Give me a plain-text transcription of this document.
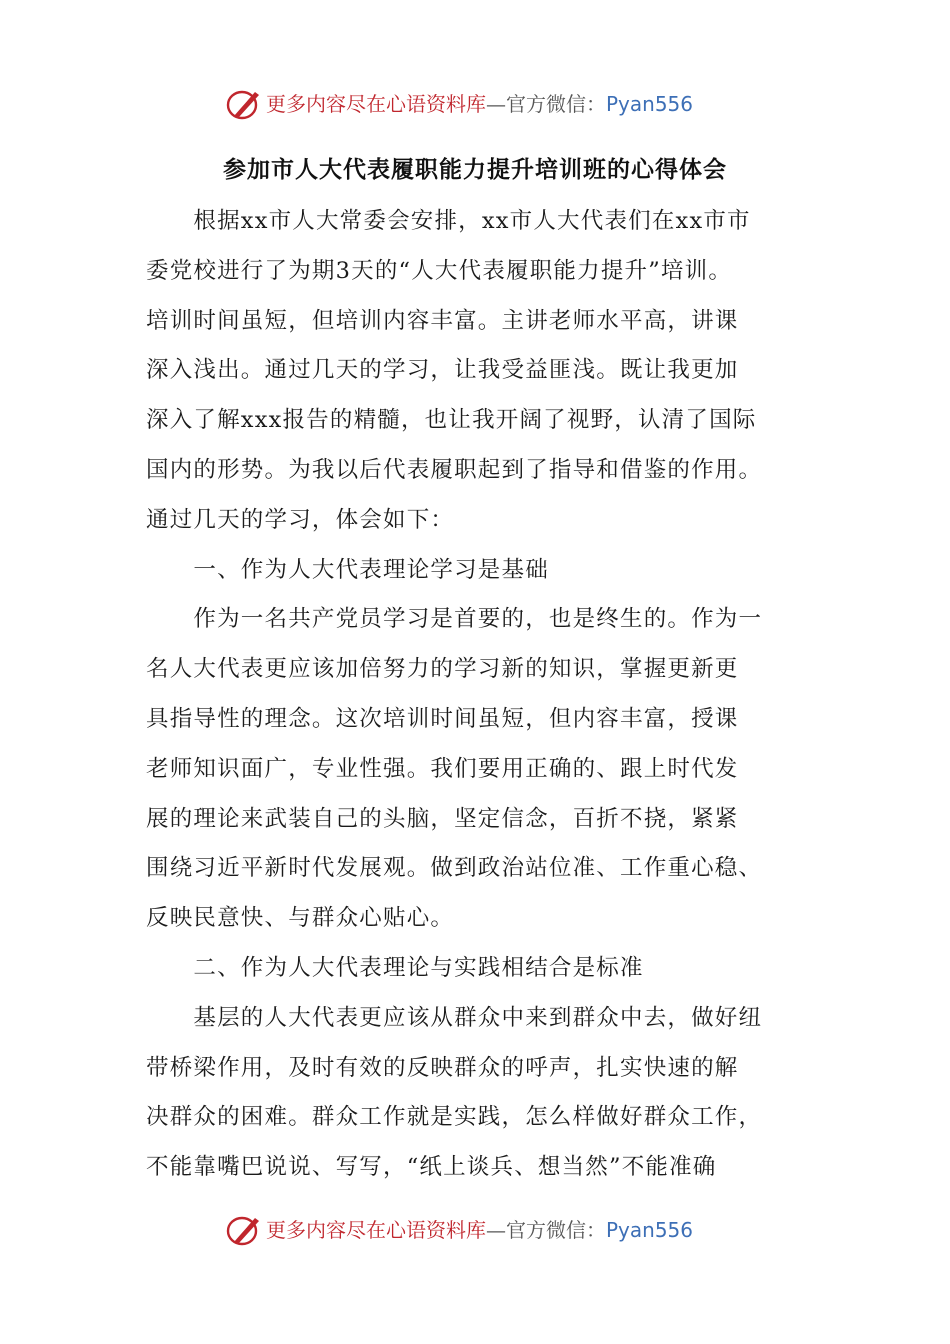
更多内容尽在心语资料库—官方微信：Pyan556
参加市人大代表履职能力提升培训班的心得体会
　　根据xx市人大常委会安排，xx市人大代表们在xx市市
委党校进行了为期3天的“人大代表履职能力提升”培训。
培训时间虽短，但培训内容丰富。主讲老师水平高，讲课
深入浅出。通过几天的学习，让我受益匪浅。既让我更加
深入了解xxx报告的精髓，也让我开阔了视野，认清了国际
国内的形势。为我以后代表履职起到了指导和借鉴的作用。
通过几天的学习，体会如下：
　　一、作为人大代表理论学习是基础
　　作为一名共产党员学习是首要的，也是终生的。作为一
名人大代表更应该加倍努力的学习新的知识，掌握更新更
具指导性的理念。这次培训时间虽短，但内容丰富，授课
老师知识面广，专业性强。我们要用正确的、跟上时代发
展的理论来武装自己的头脑，坚定信念，百折不挠，紧紧
围绕习近平新时代发展观。做到政治站位准、工作重心稳、
反映民意快、与群众心贴心。
　　二、作为人大代表理论与实践相结合是标准
　　基层的人大代表更应该从群众中来到群众中去，做好纽
带桥梁作用，及时有效的反映群众的呼声，扎实快速的解
决群众的困难。群众工作就是实践，怎么样做好群众工作，
不能靠嘴巴说说、写写，“纸上谈兵、想当然”不能准确
更多内容尽在心语资料库—官方微信：Pyan556
